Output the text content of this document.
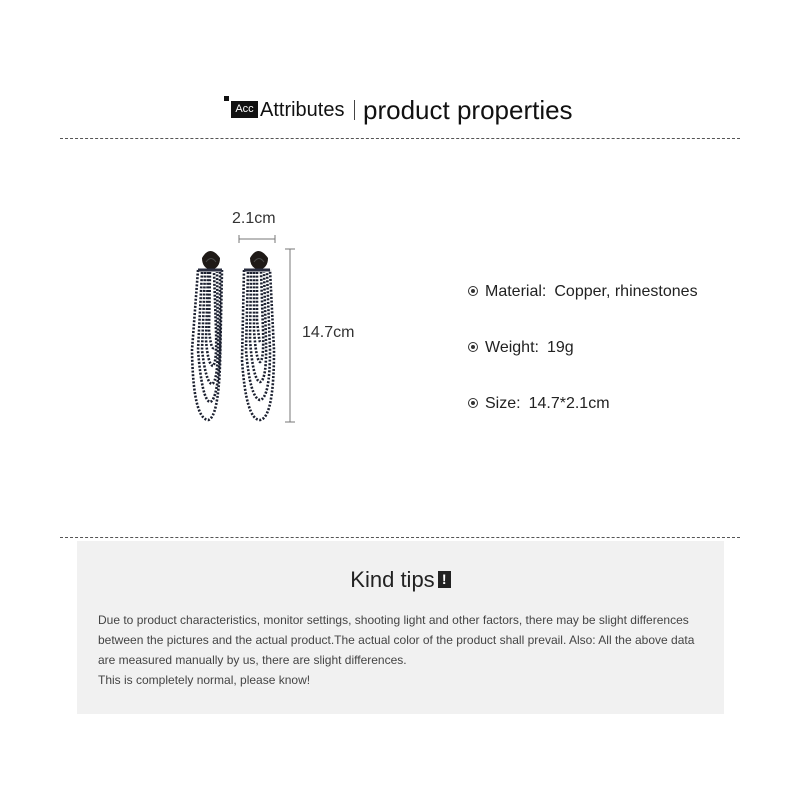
Acc Attributes product properties
2.1cm
14.7cm
Material: Copper, rhinestones
Weight: 19g
Size: 14.7*2.1cm
Kind tips !

Due to product characteristics, monitor settings, shooting light and other factors, there may be slight differences between the pictures and the actual product.The actual color of the product shall prevail. Also: All the above data are measured manually by us, there are slight differences.

This is completely normal, please know!
